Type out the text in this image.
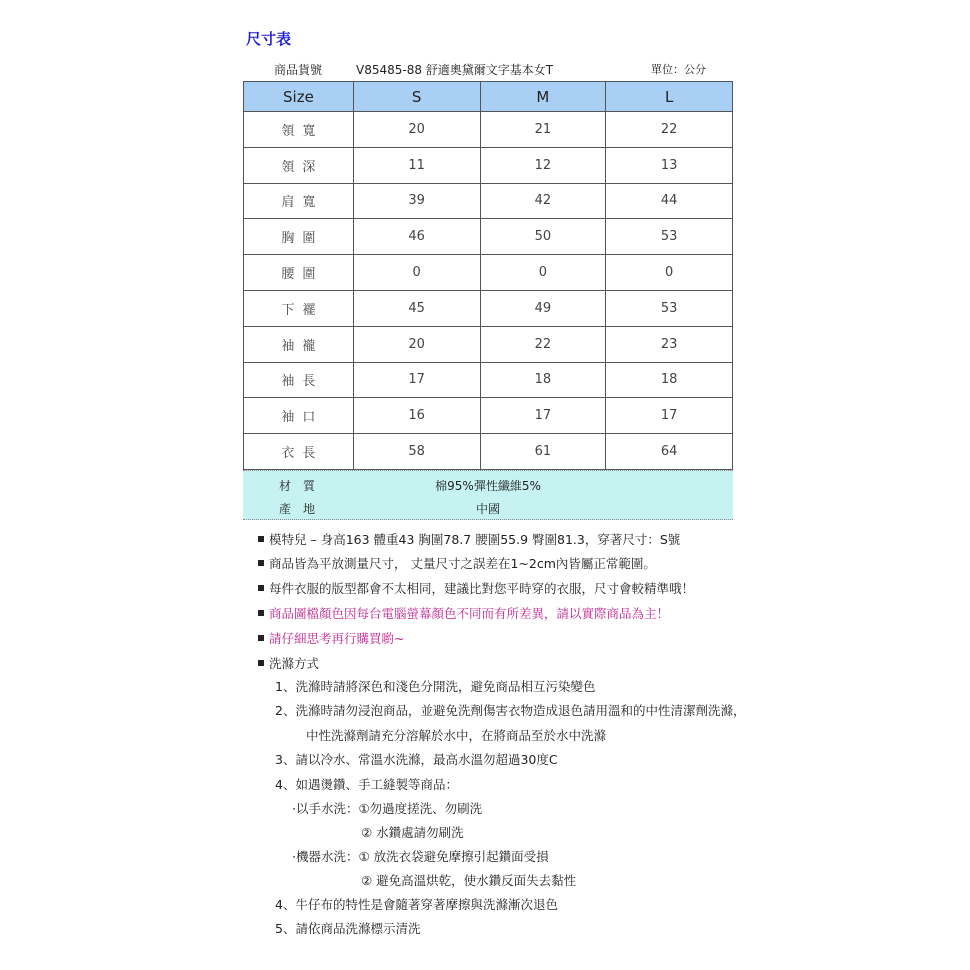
尺寸表
商品貨號	V85485-88 舒適奧黛爾文字基本女T	單位：公分
Size	S	M	L
領寬	20	21	22
領深	11	12	13
肩寬	39	42	44
胸圍	46	50	53
腰圍	0	0	0
下襬	45	49	53
袖襱	20	22	23
袖長	17	18	18
袖口	16	17	17
衣長	58	61	64
材質	棉95%彈性纖維5%
產地	中國
模特兒 – 身高163 體重43 胸圍78.7 腰圍55.9 臀圍81.3，穿著尺寸：S號
商品皆為平放測量尺寸， 丈量尺寸之誤差在1~2cm內皆屬正常範圍。
每件衣服的版型都會不太相同，建議比對您平時穿的衣服，尺寸會較精準哦！
商品圖檔顏色因每台電腦螢幕顏色不同而有所差異，請以實際商品為主！
請仔細思考再行購買喲~
洗滌方式
1、洗滌時請將深色和淺色分開洗，避免商品相互污染變色
2、洗滌時請勿浸泡商品，並避免洗劑傷害衣物造成退色請用溫和的中性清潔劑洗滌，
中性洗滌劑請充分溶解於水中，在將商品至於水中洗滌
3、請以冷水、常溫水洗滌，最高水溫勿超過30度C
4、如遇燙鑽、手工縫製等商品：
·以手水洗：①勿過度搓洗、勿刷洗
② 水鑽處請勿刷洗
·機器水洗：① 放洗衣袋避免摩擦引起鑽面受損
② 避免高溫烘乾，使水鑽反面失去黏性
4、牛仔布的特性是會隨著穿著摩擦與洗滌漸次退色
5、請依商品洗滌標示清洗
